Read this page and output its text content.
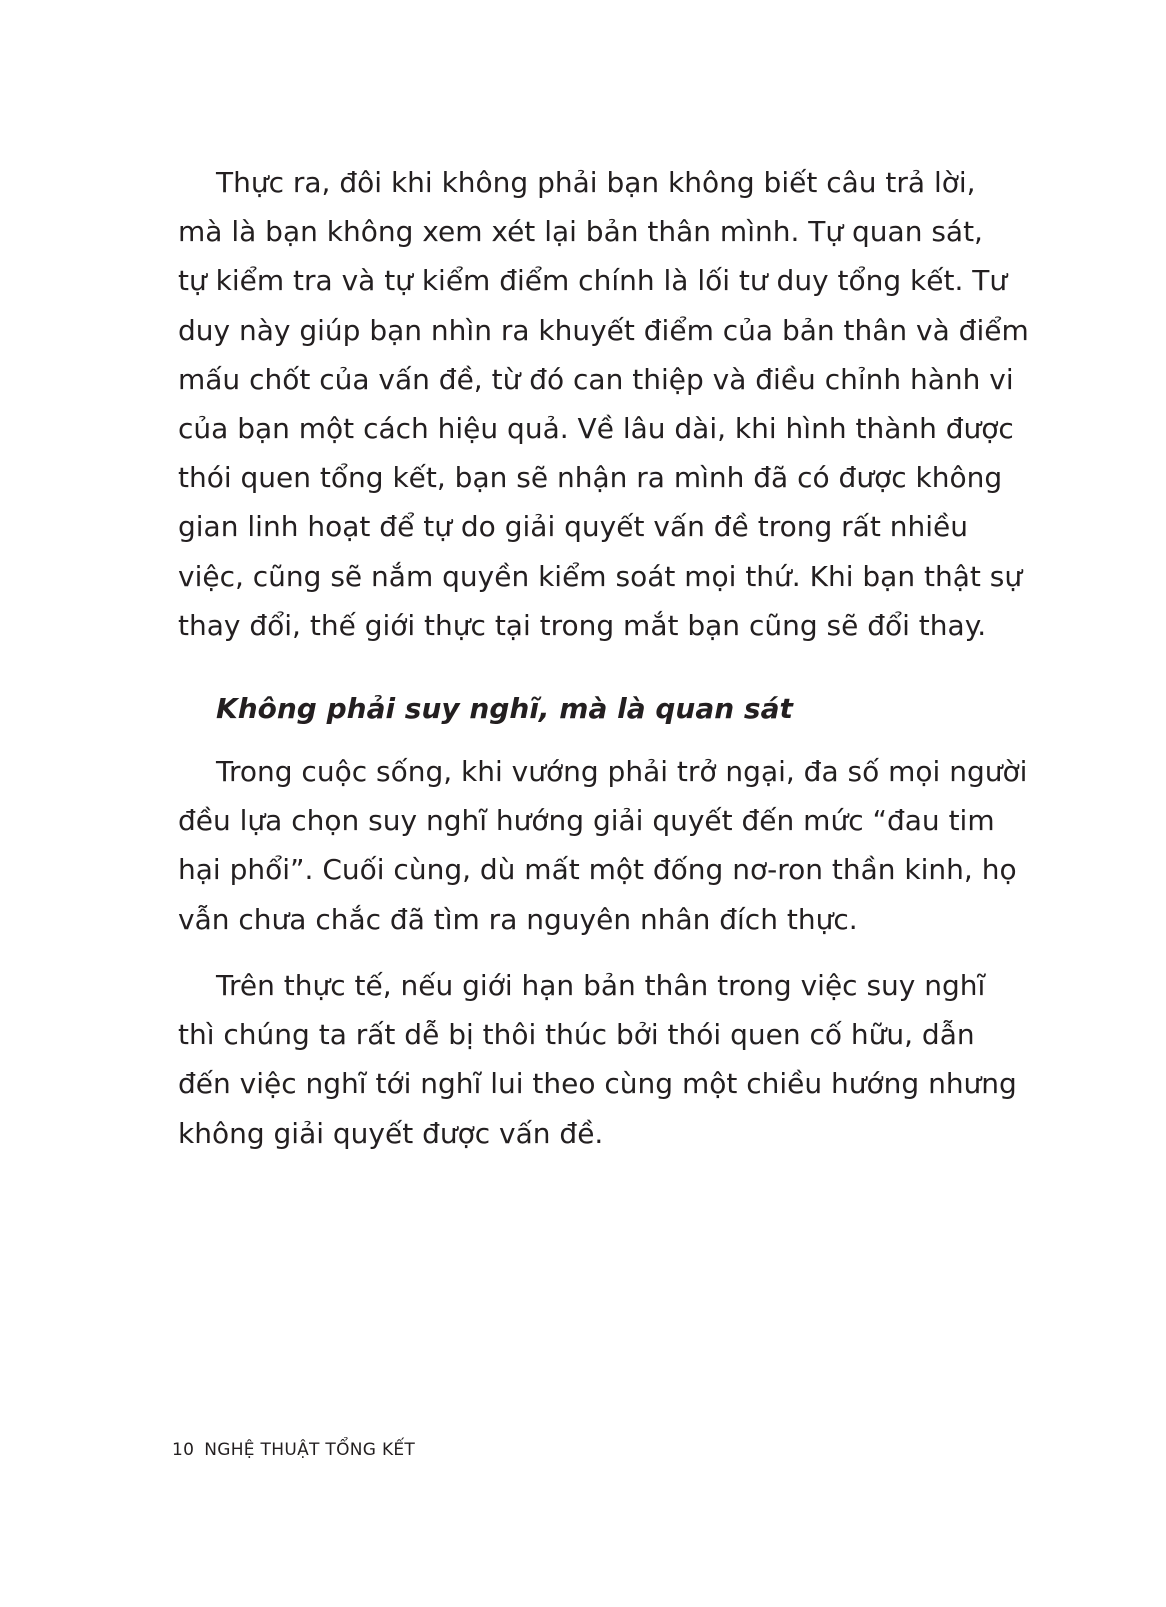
Thực ra, đôi khi không phải bạn không biết câu trả lời,
mà là bạn không xem xét lại bản thân mình. Tự quan sát,
tự kiểm tra và tự kiểm điểm chính là lối tư duy tổng kết. Tư
duy này giúp bạn nhìn ra khuyết điểm của bản thân và điểm
mấu chốt của vấn đề, từ đó can thiệp và điều chỉnh hành vi
của bạn một cách hiệu quả. Về lâu dài, khi hình thành được
thói quen tổng kết, bạn sẽ nhận ra mình đã có được không
gian linh hoạt để tự do giải quyết vấn đề trong rất nhiều
việc, cũng sẽ nắm quyền kiểm soát mọi thứ. Khi bạn thật sự
thay đổi, thế giới thực tại trong mắt bạn cũng sẽ đổi thay.
Không phải suy nghĩ, mà là quan sát
Trong cuộc sống, khi vướng phải trở ngại, đa số mọi người
đều lựa chọn suy nghĩ hướng giải quyết đến mức “đau tim
hại phổi”. Cuối cùng, dù mất một đống nơ-ron thần kinh, họ
vẫn chưa chắc đã tìm ra nguyên nhân đích thực.
Trên thực tế, nếu giới hạn bản thân trong việc suy nghĩ
thì chúng ta rất dễ bị thôi thúc bởi thói quen cố hữu, dẫn
đến việc nghĩ tới nghĩ lui theo cùng một chiều hướng nhưng
không giải quyết được vấn đề.
10 NGHỆ THUẬT TỔNG KẾT
